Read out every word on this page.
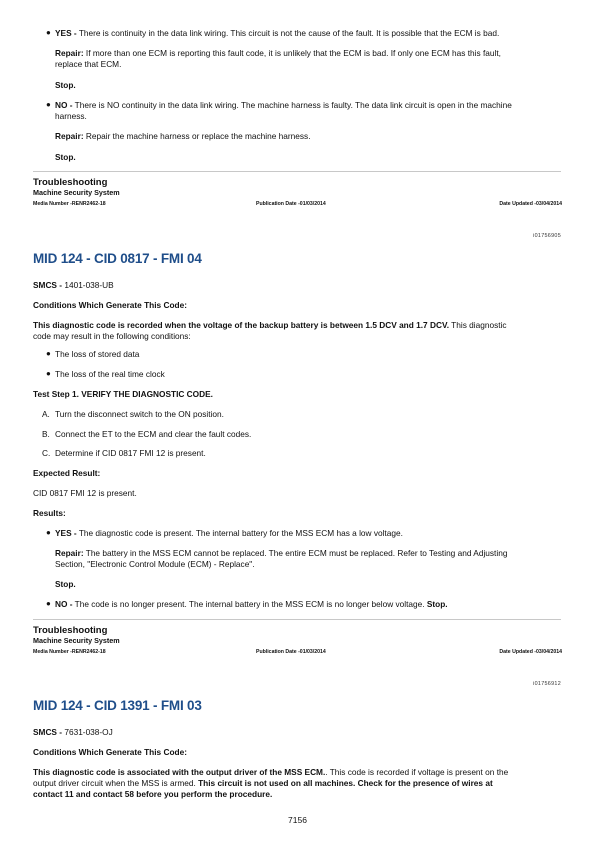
● YES - There is continuity in the data link wiring. This circuit is not the cause of the fault. It is possible that the ECM is bad.
Repair: If more than one ECM is reporting this fault code, it is unlikely that the ECM is bad. If only one ECM has this fault,
replace that ECM.
Stop.
● NO - There is NO continuity in the data link wiring. The machine harness is faulty. The data link circuit is open in the machine
harness.
Repair: Repair the machine harness or replace the machine harness.
Stop.
Troubleshooting
Machine Security System
Media Number -RENR2462-18	Publication Date -01/03/2014	Date Updated -03/04/2014
i01756905
MID 124 - CID 0817 - FMI 04
SMCS - 1401-038-UB
Conditions Which Generate This Code:
This diagnostic code is recorded when the voltage of the backup battery is between 1.5 DCV and 1.7 DCV. This diagnostic
code may result in the following conditions:
● The loss of stored data
● The loss of the real time clock
Test Step 1. VERIFY THE DIAGNOSTIC CODE.
A. Turn the disconnect switch to the ON position.
B. Connect the ET to the ECM and clear the fault codes.
C. Determine if CID 0817 FMI 12 is present.
Expected Result:
CID 0817 FMI 12 is present.
Results:
● YES - The diagnostic code is present. The internal battery for the MSS ECM has a low voltage.
Repair: The battery in the MSS ECM cannot be replaced. The entire ECM must be replaced. Refer to Testing and Adjusting
Section, "Electronic Control Module (ECM) - Replace".
Stop.
● NO - The code is no longer present. The internal battery in the MSS ECM is no longer below voltage. Stop.
Troubleshooting
Machine Security System
Media Number -RENR2462-18	Publication Date -01/03/2014	Date Updated -03/04/2014
i01756912
MID 124 - CID 1391 - FMI 03
SMCS - 7631-038-OJ
Conditions Which Generate This Code:
This diagnostic code is associated with the output driver of the MSS ECM.. This code is recorded if voltage is present on the
output driver circuit when the MSS is armed. This circuit is not used on all machines. Check for the presence of wires at
contact 11 and contact 58 before you perform the procedure.
7156
